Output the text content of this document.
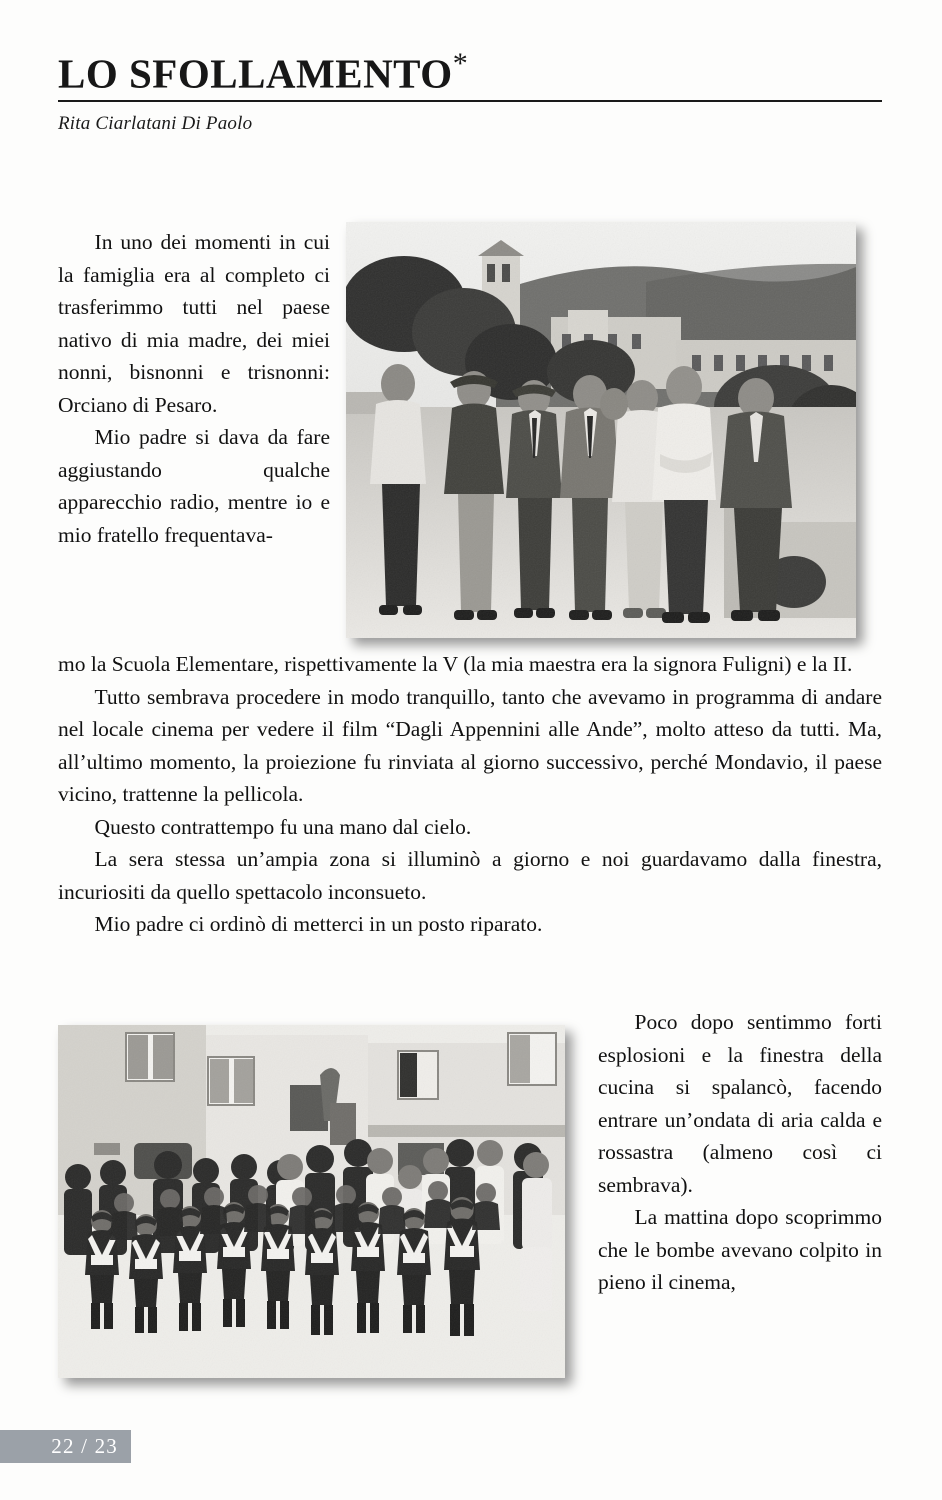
LO SFOLLAMENTO*
Rita Ciarlatani Di Paolo

In uno dei momenti in cui la famiglia era al completo ci trasferimmo tutti nel paese nativo di mia madre, dei miei nonni, bisnonni e trisnonni: Orciano di Pesaro.

Mio padre si dava da fare aggiustando qualche apparecchio radio, mentre io e mio fratello frequentava-

mo la Scuola Elementare, rispettivamente la V (la mia maestra era la signora Fuligni) e la II.

Tutto sembrava procedere in modo tranquillo, tanto che avevamo in programma di andare nel locale cinema per vedere il film “Dagli Appennini alle Ande”, molto atteso da tutti. Ma, all’ultimo momento, la proiezione fu rinviata al giorno successivo, perché Mondavio, il paese vicino, trattenne la pellicola.

Questo contrattempo fu una mano dal cielo.

La sera stessa un’ampia zona si illuminò a giorno e noi guardavamo dalla finestra, incuriositi da quello spettacolo inconsueto.

Mio padre ci ordinò di metterci in un posto riparato.

Poco dopo sentimmo forti esplosioni e la finestra della cucina si spalancò, facendo entrare un’ondata di aria calda e rossastra (almeno così ci sembrava).

La mattina dopo scoprimmo che le bombe avevano colpito in pieno il cinema,

22 / 23
